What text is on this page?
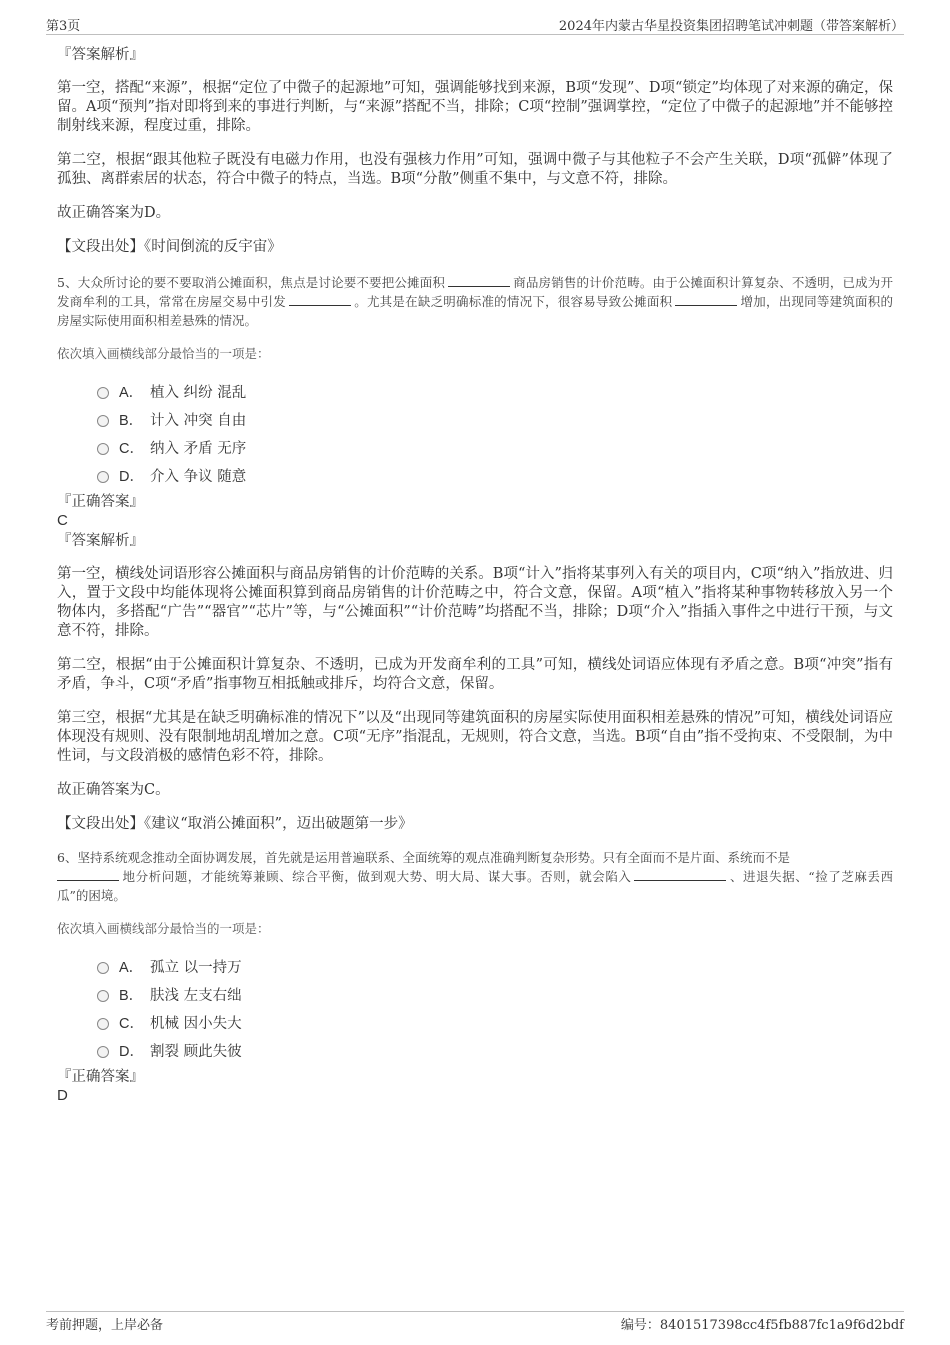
第3页	2024年内蒙古华星投资集团招聘笔试冲刺题（带答案解析）
『答案解析』

第一空，搭配“来源”，根据“定位了中微子的起源地”可知，强调能够找到来源，B项“发现”、D项“锁定”均体现了对来源的确定，保留。A项“预判”指对即将到来的事进行判断，与“来源”搭配不当，排除；C项“控制”强调掌控，“定位了中微子的起源地”并不能够控制射线来源，程度过重，排除。

第二空，根据“跟其他粒子既没有电磁力作用，也没有强核力作用”可知，强调中微子与其他粒子不会产生关联，D项“孤僻”体现了孤独、离群索居的状态，符合中微子的特点，当选。B项“分散”侧重不集中，与文意不符，排除。

故正确答案为D。

【文段出处】《时间倒流的反宇宙》

5、大众所讨论的要不要取消公摊面积，焦点是讨论要不要把公摊面积	商品房销售的计价范畴。由于公摊面积计算复杂、不透明，已成为开发商牟利的工具，常常在房屋交易中引发	。尤其是在缺乏明确标准的情况下，很容易导致公摊面积	增加，出现同等建筑面积的房屋实际使用面积相差悬殊的情况。

依次填入画横线部分最恰当的一项是：

A． 植入 纠纷 混乱
B． 计入 冲突 自由
C． 纳入 矛盾 无序
D． 介入 争议 随意
『正确答案』
C
『答案解析』

第一空，横线处词语形容公摊面积与商品房销售的计价范畴的关系。B项“计入”指将某事列入有关的项目内，C项“纳入”指放进、归入，置于文段中均能体现将公摊面积算到商品房销售的计价范畴之中，符合文意，保留。A项“植入”指将某种事物转移放入另一个物体内，多搭配“广告”“器官”“芯片”等，与“公摊面积”“计价范畴”均搭配不当，排除；D项“介入”指插入事件之中进行干预，与文意不符，排除。

第二空，根据“由于公摊面积计算复杂、不透明，已成为开发商牟利的工具”可知，横线处词语应体现有矛盾之意。B项“冲突”指有矛盾，争斗，C项“矛盾”指事物互相抵触或排斥，均符合文意，保留。

第三空，根据“尤其是在缺乏明确标准的情况下”以及“出现同等建筑面积的房屋实际使用面积相差悬殊的情况”可知，横线处词语应体现没有规则、没有限制地胡乱增加之意。C项“无序”指混乱，无规则，符合文意，当选。B项“自由”指不受拘束、不受限制，为中性词，与文段消极的感情色彩不符，排除。

故正确答案为C。

【文段出处】《建议“取消公摊面积”，迈出破题第一步》

6、坚持系统观念推动全面协调发展，首先就是运用普遍联系、全面统筹的观点准确判断复杂形势。只有全面而不是片面、系统而不是
地分析问题，才能统筹兼顾、综合平衡，做到观大势、明大局、谋大事。否则，就会陷入	、进退失据、“捡了芝麻丢西瓜”的困境。

依次填入画横线部分最恰当的一项是：

A． 孤立 以一持万
B． 肤浅 左支右绌
C． 机械 因小失大
D． 割裂 顾此失彼
『正确答案』
D
考前押题，上岸必备	编号：8401517398cc4f5fb887fc1a9f6d2bdf
